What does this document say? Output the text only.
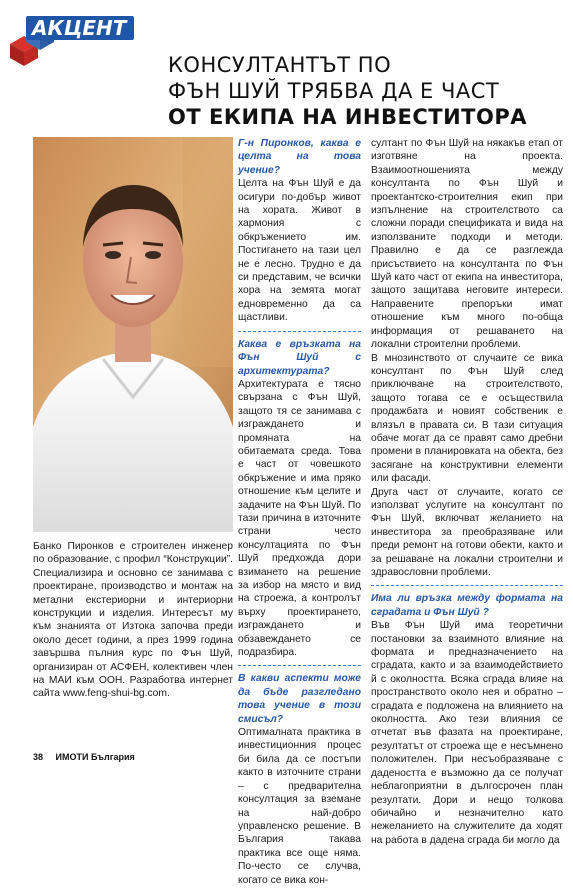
АКЦЕНТ
КОНСУЛТАНТЪТ ПО
ФЪН ШУЙ ТРЯБВА ДА Е ЧАСТ
ОТ ЕКИПА НА ИНВЕСТИТОРА

Банко Пиронков е строителен инженер по образование, с профил “Конструкции”. Специализира и основно се занимава с проектиране, производство и монтаж на метални екстериорни и интериорни конструкции и изделия. Интересът му към знанията от Изтока започва преди около десет години, а през 1999 година завършва пълния курс по Фън Шуй, организиран от АСФЕН, колективен член на МАИ към ООН. Разработва интернет сайта www.feng-shui-bg.com.

Г-н Пиронков, каква е целта на това учение?

Целта на Фън Шуй е да осигури по-добър живот на хората. Живот в хармония с обкръжението им. Постигането на тази цел не е лесно. Трудно е да си представим, че всички хора на земята могат едновременно да са щастливи.

Каква е връзката на Фън Шуй с архитектурата?

Архитектурата е тясно свързана с Фън Шуй, защото тя се занимава с изграждането и промяната на обитаемата среда. Това е част от човешкото обкръжение и има пряко отношение към целите и задачите на Фън Шуй. По тази причина в източните страни често консултацията по Фън Шуй предхожда дори взимането на решение за избор на място и вид на строежа, а контролът върху проектирането, изграждането и обзавеждането се подразбира.

В какви аспекти може да бъде разгледано това учение в този смисъл?

Оптималната практика в инвестиционния процес би била да се постъпи както в източните страни – с предварителна консултация за вземане на най-добро управленско решение. В България такава практика все още няма. По-често се случва, когато се вика кон-

султант по Фън Шуй на някакъв етап от изготвяне на проекта. Взаимоотношенията между консултанта по Фън Шуй и проектантско-строителния екип при изпълнение на строителството са сложни поради спецификата и вида на използваните подходи и методи. Правилно е да се разглежда присъствието на консултанта по Фън Шуй като част от екипа на инвеститора, защото защитава неговите интереси. Направените препоръки имат отношение към много по-обща информация от решаването на локални строителни проблеми.

В мнозинството от случаите се вика консултант по Фън Шуй след приключване на строителството, защото тогава се е осъществила продажбата и новият собственик е влязъл в правата си. В тази ситуация обаче могат да се правят само дребни промени в планировката на обекта, без засягане на конструктивни елементи или фасади.

Друга част от случаите, когато се използват услугите на консултант по Фън Шуй, включват желанието на инвеститора за преобразяване или преди ремонт на готови обекти, както и за решаване на локални строителни и здравословни проблеми.

Има ли връзка между формата на сградата и Фън Шуй ?

Във Фън Шуй има теоретични постановки за взаимното влияние на формата и предназначението на сградата, както и за взаимодействието й с околността. Всяка сграда влияе на пространството около нея и обратно – сградата е подложена на влиянието на околността. Ако тези влияния се отчетат във фазата на проектиране, резултатът от строежа ще е несъмнено положителен. При несъобразяване с дадеността е възможно да се получат неблагоприятни в дългосрочен план резултати. Дори и нещо толкова обичайно и незначително като нежеланието на служителите да ходят на работа в дадена сграда би могло да

38 ИМОТИ България
